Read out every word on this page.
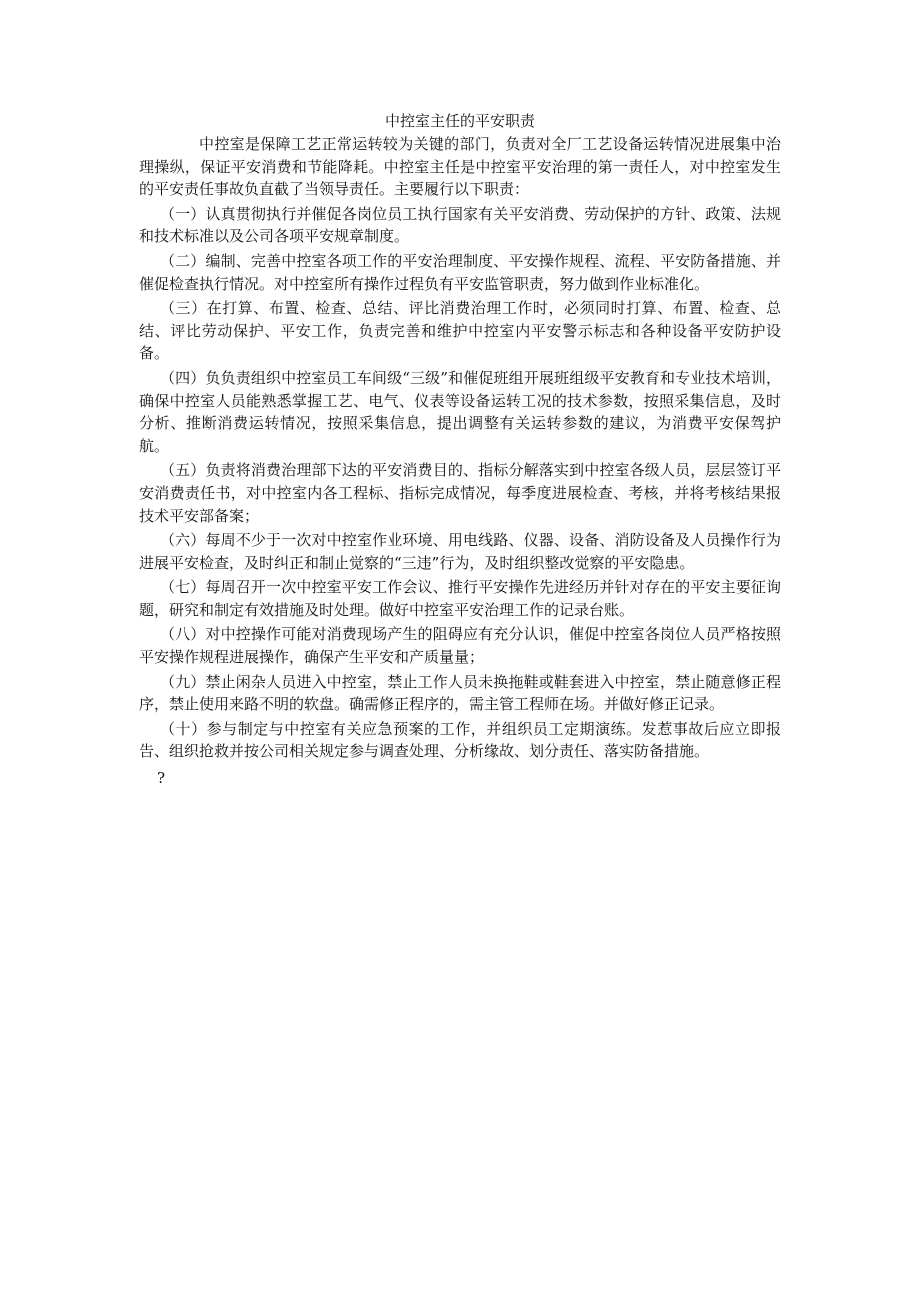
中控室主任的平安职责

中控室是保障工艺正常运转较为关键的部门，负责对全厂工艺设备运转情况进展集中治理操纵，保证平安消费和节能降耗。中控室主任是中控室平安治理的第一责任人，对中控室发生的平安责任事故负直截了当领导责任。主要履行以下职责：

（一）认真贯彻执行并催促各岗位员工执行国家有关平安消费、劳动保护的方针、政策、法规和技术标准以及公司各项平安规章制度。

（二）编制、完善中控室各项工作的平安治理制度、平安操作规程、流程、平安防备措施、并催促检查执行情况。对中控室所有操作过程负有平安监管职责，努力做到作业标准化。

（三）在打算、布置、检查、总结、评比消费治理工作时，必须同时打算、布置、检查、总结、评比劳动保护、平安工作，负责完善和维护中控室内平安警示标志和各种设备平安防护设备。

（四）负负责组织中控室员工车间级“三级”和催促班组开展班组级平安教育和专业技术培训，确保中控室人员能熟悉掌握工艺、电气、仪表等设备运转工况的技术参数，按照采集信息，及时分析、推断消费运转情况，按照采集信息，提出调整有关运转参数的建议，为消费平安保驾护航。

（五）负责将消费治理部下达的平安消费目的、指标分解落实到中控室各级人员，层层签订平安消费责任书，对中控室内各工程标、指标完成情况，每季度进展检查、考核，并将考核结果报技术平安部备案；

（六）每周不少于一次对中控室作业环境、用电线路、仪器、设备、消防设备及人员操作行为进展平安检查，及时纠正和制止觉察的“三违”行为，及时组织整改觉察的平安隐患。

（七）每周召开一次中控室平安工作会议、推行平安操作先进经历并针对存在的平安主要征询题，研究和制定有效措施及时处理。做好中控室平安治理工作的记录台账。

（八）对中控操作可能对消费现场产生的阻碍应有充分认识，催促中控室各岗位人员严格按照平安操作规程进展操作，确保产生平安和产质量量；

（九）禁止闲杂人员进入中控室，禁止工作人员未换拖鞋或鞋套进入中控室，禁止随意修正程序，禁止使用来路不明的软盘。确需修正程序的，需主管工程师在场。并做好修正记录。

（十）参与制定与中控室有关应急预案的工作，并组织员工定期演练。发惹事故后应立即报告、组织抢救并按公司相关规定参与调查处理、分析缘故、划分责任、落实防备措施。

?
